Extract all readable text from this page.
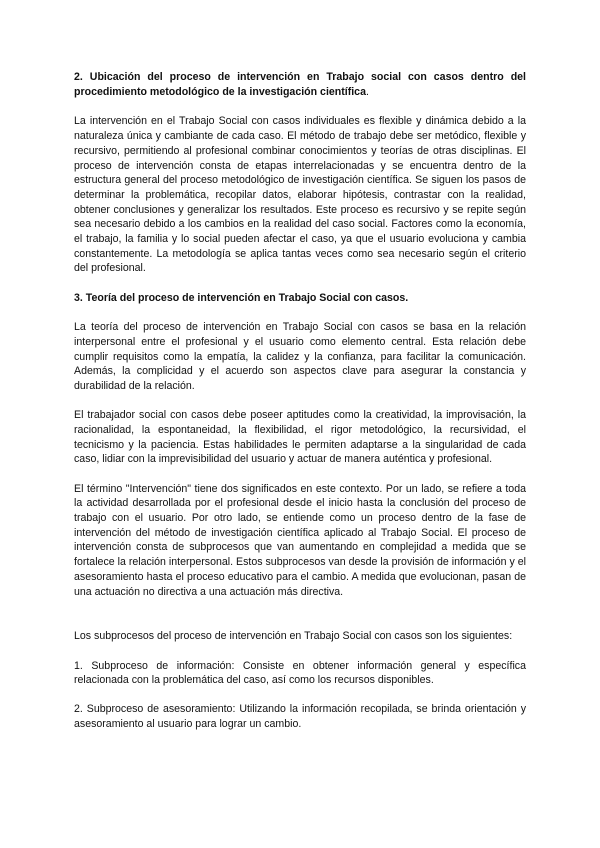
2. Ubicación del proceso de intervención en Trabajo social con casos dentro del procedimiento metodológico de la investigación científica.

La intervención en el Trabajo Social con casos individuales es flexible y dinámica debido a la naturaleza única y cambiante de cada caso. El método de trabajo debe ser metódico, flexible y recursivo, permitiendo al profesional combinar conocimientos y teorías de otras disciplinas. El proceso de intervención consta de etapas interrelacionadas y se encuentra dentro de la estructura general del proceso metodológico de investigación científica. Se siguen los pasos de determinar la problemática, recopilar datos, elaborar hipótesis, contrastar con la realidad, obtener conclusiones y generalizar los resultados. Este proceso es recursivo y se repite según sea necesario debido a los cambios en la realidad del caso social. Factores como la economía, el trabajo, la familia y lo social pueden afectar el caso, ya que el usuario evoluciona y cambia constantemente. La metodología se aplica tantas veces como sea necesario según el criterio del profesional.

3. Teoría del proceso de intervención en Trabajo Social con casos.

La teoría del proceso de intervención en Trabajo Social con casos se basa en la relación interpersonal entre el profesional y el usuario como elemento central. Esta relación debe cumplir requisitos como la empatía, la calidez y la confianza, para facilitar la comunicación. Además, la complicidad y el acuerdo son aspectos clave para asegurar la constancia y durabilidad de la relación.

El trabajador social con casos debe poseer aptitudes como la creatividad, la improvisación, la racionalidad, la espontaneidad, la flexibilidad, el rigor metodológico, la recursividad, el tecnicismo y la paciencia. Estas habilidades le permiten adaptarse a la singularidad de cada caso, lidiar con la imprevisibilidad del usuario y actuar de manera auténtica y profesional.

El término "Intervención" tiene dos significados en este contexto. Por un lado, se refiere a toda la actividad desarrollada por el profesional desde el inicio hasta la conclusión del proceso de trabajo con el usuario. Por otro lado, se entiende como un proceso dentro de la fase de intervención del método de investigación científica aplicado al Trabajo Social. El proceso de intervención consta de subprocesos que van aumentando en complejidad a medida que se fortalece la relación interpersonal. Estos subprocesos van desde la provisión de información y el asesoramiento hasta el proceso educativo para el cambio. A medida que evolucionan, pasan de una actuación no directiva a una actuación más directiva.

Los subprocesos del proceso de intervención en Trabajo Social con casos son los siguientes:

1. Subproceso de información: Consiste en obtener información general y específica relacionada con la problemática del caso, así como los recursos disponibles.

2. Subproceso de asesoramiento: Utilizando la información recopilada, se brinda orientación y asesoramiento al usuario para lograr un cambio.
